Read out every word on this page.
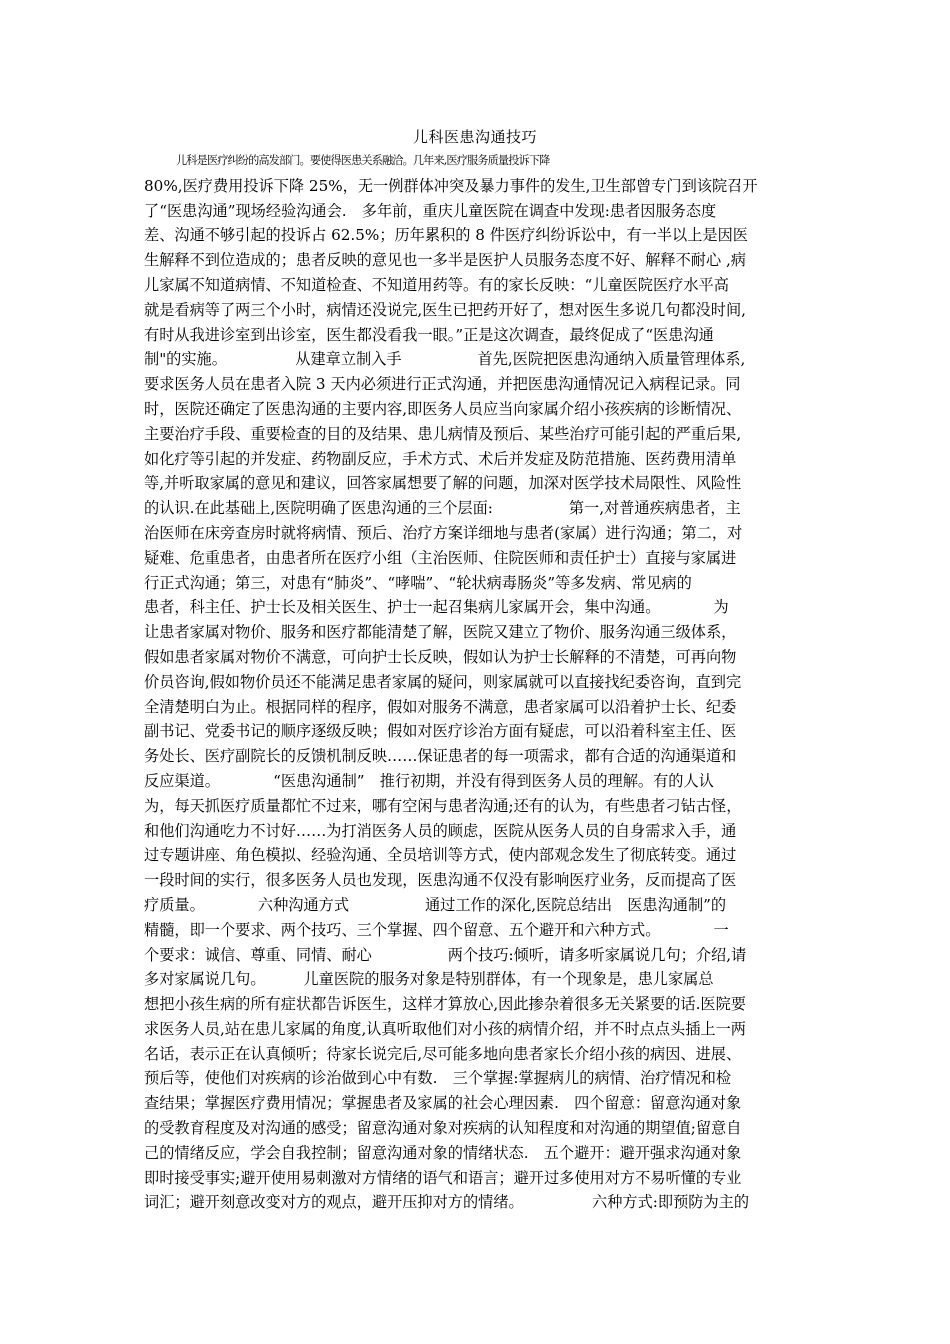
儿科医患沟通技巧
儿科是医疗纠纷的高发部门。要使得医患关系融洽。几年来,医疗服务质量投诉下降
80%,医疗费用投诉下降 25%，无一例群体冲突及暴力事件的发生,卫生部曾专门到该院召开
了“医患沟通”现场经验沟通会.　多年前，重庆儿童医院在调查中发现:患者因服务态度
差、沟通不够引起的投诉占 62.5%；历年累积的 8 件医疗纠纷诉讼中，有一半以上是因医
生解释不到位造成的；患者反映的意见也一多半是医护人员服务态度不好、解释不耐心 ,病
儿家属不知道病情、不知道检查、不知道用药等。有的家长反映：“儿童医院医疗水平高
就是看病等了两三个小时，病情还没说完,医生已把药开好了，想对医生多说几句都没时间,
有时从我进诊室到出诊室，医生都没看我一眼。”正是这次调查，最终促成了“医患沟通
制"的实施。　　　　　从建章立制入手　　　　　首先,医院把医患沟通纳入质量管理体系,
要求医务人员在患者入院 3 天内必须进行正式沟通，并把医患沟通情况记入病程记录。同
时，医院还确定了医患沟通的主要内容,即医务人员应当向家属介绍小孩疾病的诊断情况、
主要治疗手段、重要检查的目的及结果、患儿病情及预后、某些治疗可能引起的严重后果,
如化疗等引起的并发症、药物副反应，手术方式、术后并发症及防范措施、医药费用清单
等,并听取家属的意见和建议，回答家属想要了解的问题，加深对医学技术局限性、风险性
的认识.在此基础上,医院明确了医患沟通的三个层面:　　　　　第一,对普通疾病患者，主
治医师在床旁查房时就将病情、预后、治疗方案详细地与患者(家属）进行沟通；第二，对
疑难、危重患者，由患者所在医疗小组（主治医师、住院医师和责任护士）直接与家属进
行正式沟通；第三，对患有“肺炎”、“哮喘”、“轮状病毒肠炎”等多发病、常见病的
患者，科主任、护士长及相关医生、护士一起召集病儿家属开会，集中沟通。　　　　为
让患者家属对物价、服务和医疗都能清楚了解，医院又建立了物价、服务沟通三级体系，
假如患者家属对物价不满意，可向护士长反映，假如认为护士长解释的不清楚，可再向物
价员咨询,假如物价员还不能满足患者家属的疑问，则家属就可以直接找纪委咨询，直到完
全清楚明白为止。根据同样的程序，假如对服务不满意，患者家属可以沿着护士长、纪委
副书记、党委书记的顺序逐级反映；假如对医疗诊治方面有疑虑，可以沿着科室主任、医
务处长、医疗副院长的反馈机制反映……保证患者的每一项需求，都有合适的沟通渠道和
反应渠道。　　　　“医患沟通制”　推行初期，并没有得到医务人员的理解。有的人认
为，每天抓医疗质量都忙不过来，哪有空闲与患者沟通;还有的认为，有些患者刁钻古怪，
和他们沟通吃力不讨好……为打消医务人员的顾虑，医院从医务人员的自身需求入手，通
过专题讲座、角色模拟、经验沟通、全员培训等方式，使内部观念发生了彻底转变。通过
一段时间的实行，很多医务人员也发现，医患沟通不仅没有影响医疗业务，反而提高了医
疗质量。　　　　六种沟通方式　　　　　通过工作的深化,医院总结出　医患沟通制”的
精髓，即一个要求、两个技巧、三个掌握、四个留意、五个避开和六种方式。　　　　一
个要求：诚信、尊重、同情、耐心　　　　　两个技巧:倾听，请多听家属说几句；介绍,请
多对家属说几句。　　　儿童医院的服务对象是特别群体，有一个现象是，患儿家属总
想把小孩生病的所有症状都告诉医生，这样才算放心,因此掺杂着很多无关紧要的话.医院要
求医务人员,站在患儿家属的角度,认真听取他们对小孩的病情介绍，并不时点点头插上一两
名话，表示正在认真倾听；待家长说完后,尽可能多地向患者家长介绍小孩的病因、进展、
预后等，使他们对疾病的诊治做到心中有数.　三个掌握:掌握病儿的病情、治疗情况和检
查结果；掌握医疗费用情况；掌握患者及家属的社会心理因素.　四个留意：留意沟通对象
的受教育程度及对沟通的感受；留意沟通对象对疾病的认知程度和对沟通的期望值;留意自
己的情绪反应，学会自我控制；留意沟通对象的情绪状态.　五个避开：避开强求沟通对象
即时接受事实;避开使用易刺激对方情绪的语气和语言；避开过多使用对方不易听懂的专业
词汇；避开刻意改变对方的观点，避开压抑对方的情绪。　　　　　六种方式:即预防为主的
